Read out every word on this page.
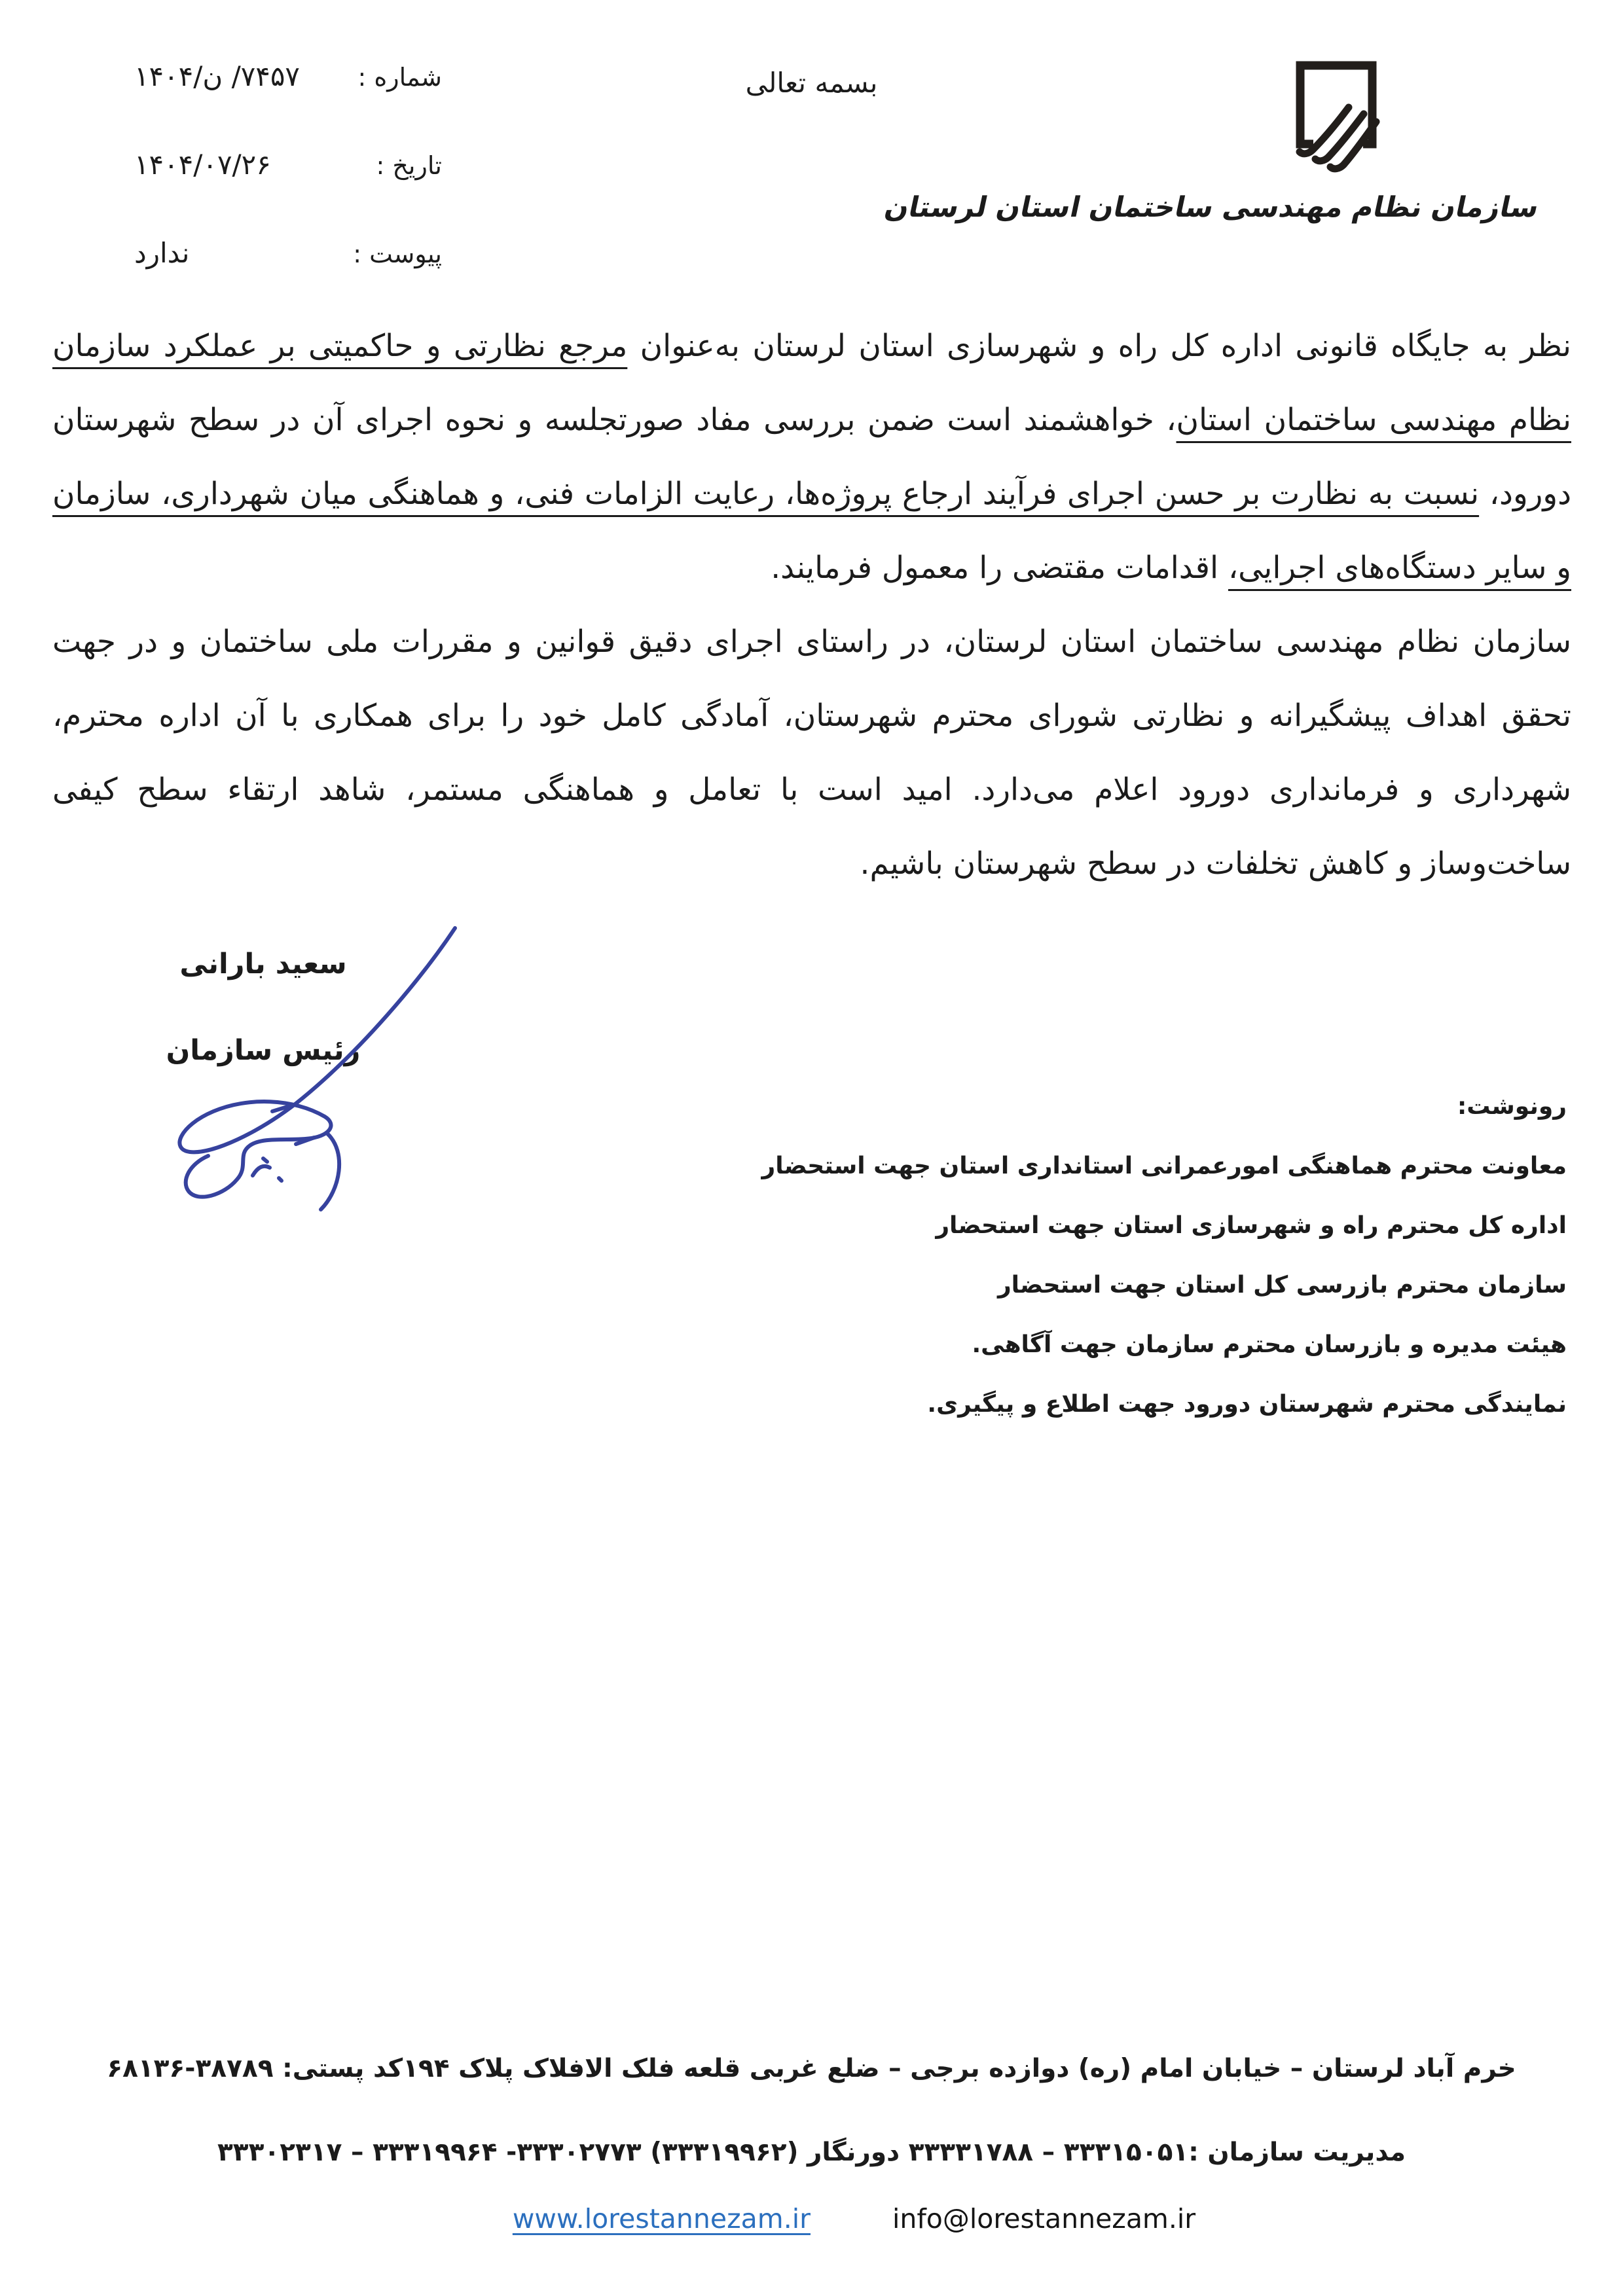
شماره :
۷۴۵۷/ ن/۱۴۰۴
تاریخ :
۱۴۰۴/۰۷/۲۶
پیوست :
ندارد
بسمه تعالی
سازمان نظام مهندسی ساختمان استان لرستان

نظر به جایگاه قانونی اداره کل راه و شهرسازی استان لرستان به‌عنوان مرجع نظارتی و حاکمیتی بر عملکرد سازمان نظام مهندسی ساختمان استان، خواهشمند است ضمن بررسی مفاد صورتجلسه و نحوه اجرای آن در سطح شهرستان دورود، نسبت به نظارت بر حسن اجرای فرآیند ارجاع پروژه‌ها، رعایت الزامات فنی، و هماهنگی میان شهرداری، سازمان و سایر دستگاه‌های اجرایی، اقدامات مقتضی را معمول فرمایند.

سازمان نظام مهندسی ساختمان استان لرستان، در راستای اجرای دقیق قوانین و مقررات ملی ساختمان و در جهت تحقق اهداف پیشگیرانه و نظارتی شورای محترم شهرستان، آمادگی کامل خود را برای همکاری با آن اداره محترم، شهرداری و فرمانداری دورود اعلام می‌دارد. امید است با تعامل و هماهنگی مستمر، شاهد ارتقاء سطح کیفی ساخت‌وساز و کاهش تخلفات در سطح شهرستان باشیم.

سعید بارانی
رئیس سازمان
رونوشت:
معاونت محترم هماهنگی امورعمرانی استانداری استان جهت استحضار
اداره کل محترم راه و شهرسازی استان جهت استحضار
سازمان محترم بازرسی کل استان جهت استحضار
هیئت مدیره و بازرسان محترم سازمان جهت آگاهی.
نمایندگی محترم شهرستان دورود جهت اطلاع و پیگیری.
خرم آباد لرستان – خیابان امام (ره) دوازده برجی – ضلع غربی قلعه فلک الافلاک پلاک ۱۹۴کد پستی: ۳۸۷۸۹-۶۸۱۳۶
مدیریت سازمان :۳۳۳۱۵۰۵۱ – ۳۳۳۳۱۷۸۸ دورنگار (۳۳۳۱۹۹۶۲) ۳۳۳۰۲۷۷۳- ۳۳۳۱۹۹۶۴ – ۳۳۳۰۲۳۱۷
www.lorestannezam.ir	info@lorestannezam.ir
